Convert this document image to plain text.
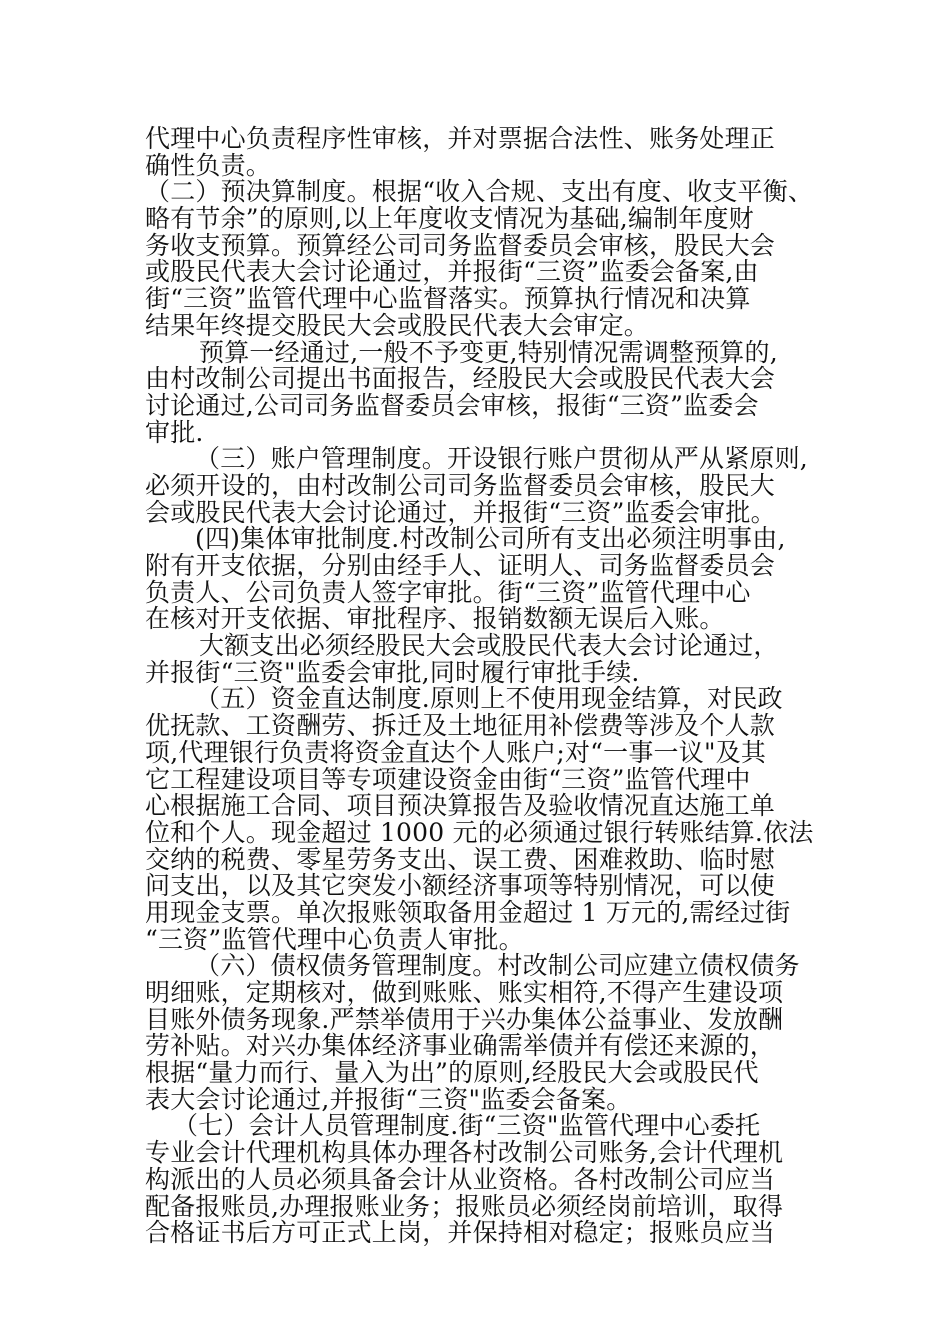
代理中心负责程序性审核，并对票据合法性、账务处理正
确性负责。
（二）预决算制度。根据“收入合规、支出有度、收支平衡、
略有节余”的原则,以上年度收支情况为基础,编制年度财
务收支预算。预算经公司司务监督委员会审核，股民大会
或股民代表大会讨论通过，并报街“三资”监委会备案,由
街“三资”监管代理中心监督落实。预算执行情况和决算
结果年终提交股民大会或股民代表大会审定。
预算一经通过,一般不予变更,特别情况需调整预算的,
由村改制公司提出书面报告，经股民大会或股民代表大会
讨论通过,公司司务监督委员会审核，报街“三资”监委会
审批.
（三）账户管理制度。开设银行账户贯彻从严从紧原则,
必须开设的，由村改制公司司务监督委员会审核，股民大
会或股民代表大会讨论通过，并报街“三资”监委会审批。
(四)集体审批制度.村改制公司所有支出必须注明事由,
附有开支依据，分别由经手人、证明人、司务监督委员会
负责人、公司负责人签字审批。街“三资”监管代理中心
在核对开支依据、审批程序、报销数额无误后入账。
大额支出必须经股民大会或股民代表大会讨论通过，
并报街“三资"监委会审批,同时履行审批手续.
（五）资金直达制度.原则上不使用现金结算，对民政
优抚款、工资酬劳、拆迁及土地征用补偿费等涉及个人款
项,代理银行负责将资金直达个人账户;对“一事一议"及其
它工程建设项目等专项建设资金由街“三资”监管代理中
心根据施工合同、项目预决算报告及验收情况直达施工单
位和个人。现金超过 1000 元的必须通过银行转账结算.依法
交纳的税费、零星劳务支出、误工费、困难救助、临时慰
问支出，以及其它突发小额经济事项等特别情况，可以使
用现金支票。单次报账领取备用金超过 1 万元的,需经过街
“三资”监管代理中心负责人审批。
（六）债权债务管理制度。村改制公司应建立债权债务
明细账，定期核对，做到账账、账实相符,不得产生建设项
目账外债务现象.严禁举债用于兴办集体公益事业、发放酬
劳补贴。对兴办集体经济事业确需举债并有偿还来源的，
根据“量力而行、量入为出”的原则,经股民大会或股民代
表大会讨论通过,并报街“三资"监委会备案。
（七）会计人员管理制度.街“三资"监管代理中心委托
专业会计代理机构具体办理各村改制公司账务,会计代理机
构派出的人员必须具备会计从业资格。各村改制公司应当
配备报账员,办理报账业务；报账员必须经岗前培训，取得
合格证书后方可正式上岗，并保持相对稳定；报账员应当
